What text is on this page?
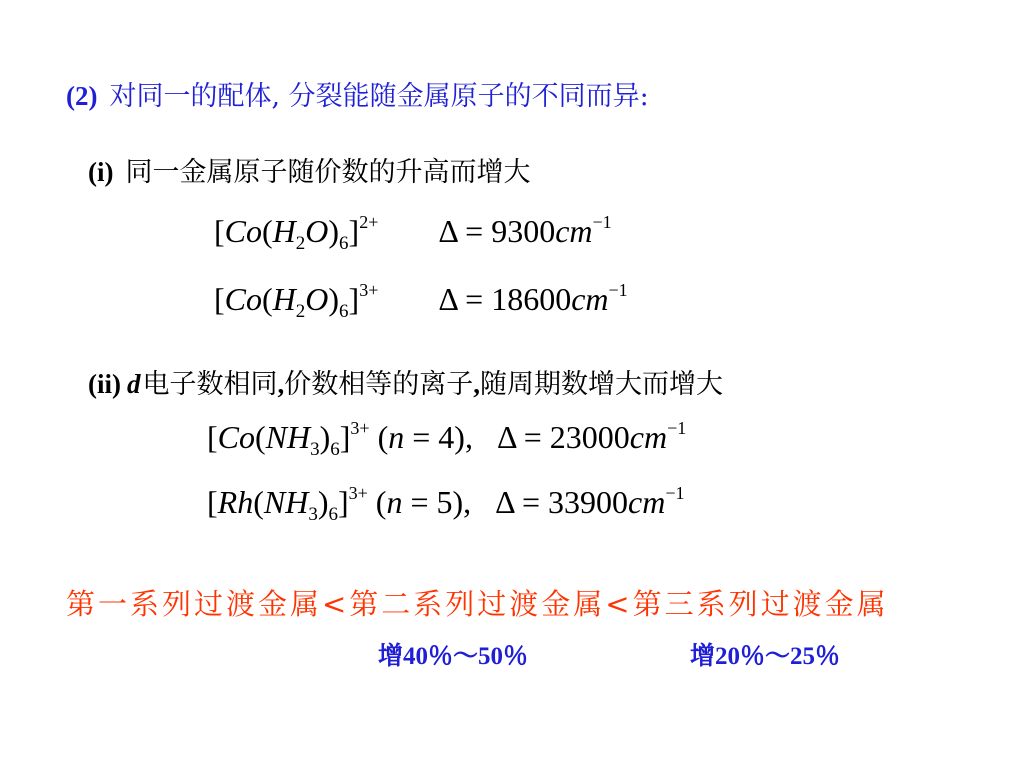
(2) 对同一的配体, 分裂能随金属原子的不同而异:
(i) 同一金属原子随价数的升高而增大
$[Co(H_2O)_6]^{2+}$ $\Delta = 9300cm^{-1}$
$[Co(H_2O)_6]^{3+}$ $\Delta = 18600cm^{-1}$
(ii) d电子数相同,价数相等的离子,随周期数增大而增大
$[Co(NH_3)_6]^{3+}$ (n = 4), $\Delta = 23000cm^{-1}$
$[Rh(NH_3)_6]^{3+}$ (n = 5), $\Delta = 33900cm^{-1}$
第一系列过渡金属<第二系列过渡金属<第三系列过渡金属
增40％～50％	增20％～25％
